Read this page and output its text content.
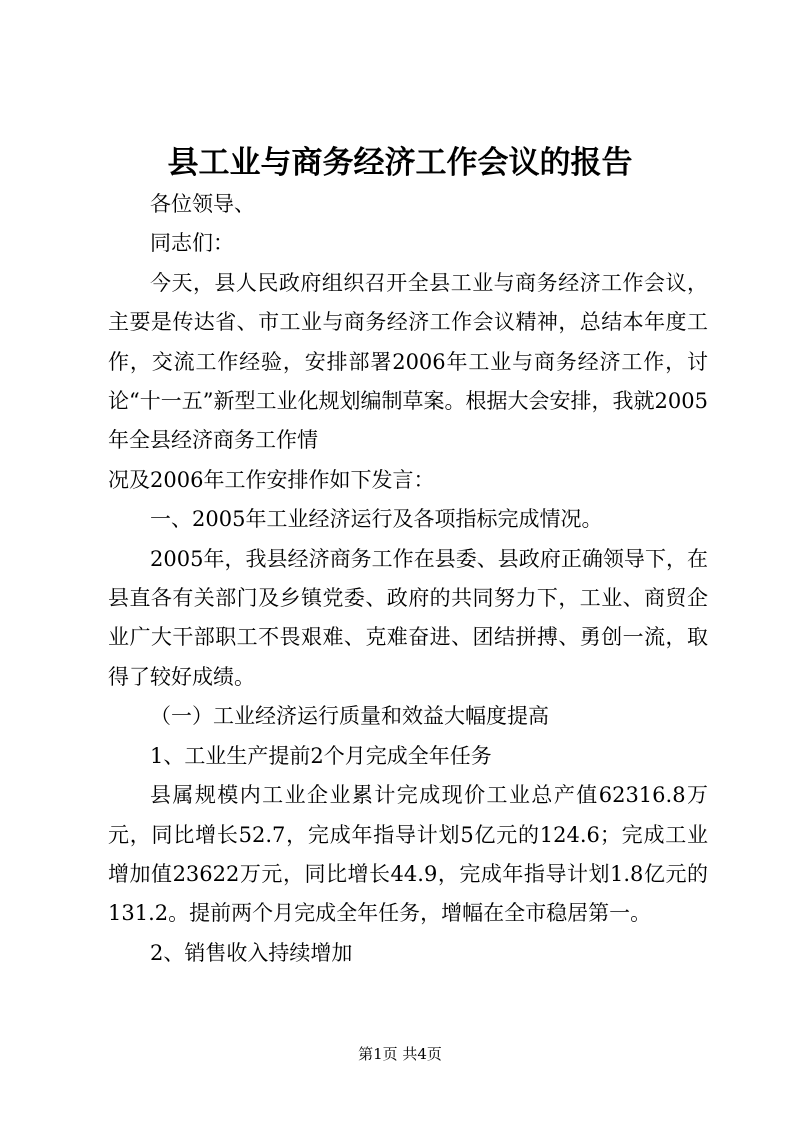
县工业与商务经济工作会议的报告

各位领导、

同志们：

今天，县人民政府组织召开全县工业与商务经济工作会议，主要是传达省、市工业与商务经济工作会议精神，总结本年度工作，交流工作经验，安排部署2006年工业与商务经济工作，讨论“十一五”新型工业化规划编制草案。根据大会安排，我就2005年全县经济商务工作情

况及2006年工作安排作如下发言：

一、2005年工业经济运行及各项指标完成情况。

2005年，我县经济商务工作在县委、县政府正确领导下，在县直各有关部门及乡镇党委、政府的共同努力下，工业、商贸企业广大干部职工不畏艰难、克难奋进、团结拼搏、勇创一流，取得了较好成绩。

（一）工业经济运行质量和效益大幅度提高

1、工业生产提前2个月完成全年任务

县属规模内工业企业累计完成现价工业总产值62316.8万元，同比增长52.7，完成年指导计划5亿元的124.6；完成工业增加值23622万元，同比增长44.9，完成年指导计划1.8亿元的131.2。提前两个月完成全年任务，增幅在全市稳居第一。

2、销售收入持续增加

第1页 共4页
